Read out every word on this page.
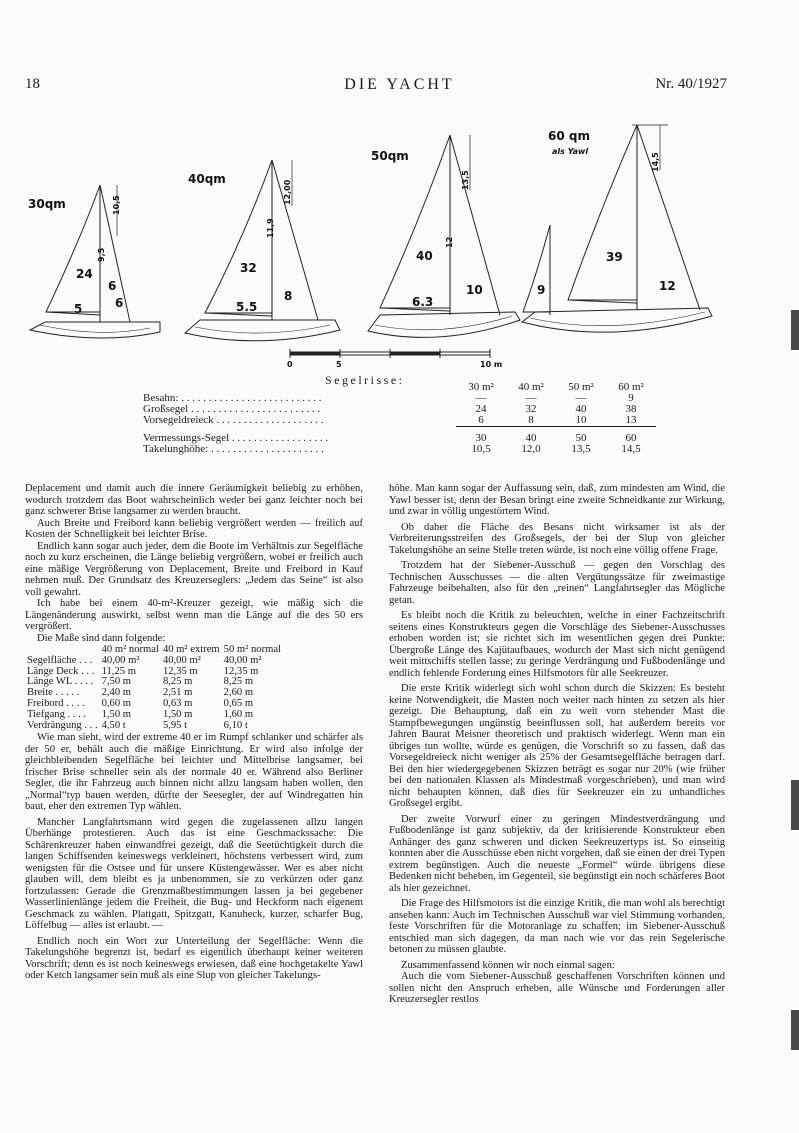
18	DIE YACHT	Nr. 40/1927
30qm	10,5
9,5
24
6
6
5
40qm
12,00
11,9
32
8
5.5
50qm
13,5
12
40
10
6.3
60 qm
als Yawl
14,5
39
12
9
0	5	10 m
Segelrisse:
		30 m²	40 m²	50 m²	60 m²
Besahn: . . . . . . . . . . . . . . . . . . . . . . . . . .	—	—	—	9
Großsegel . . . . . . . . . . . . . . . . . . . . . . . .	24	32	40	38
Vorsegeldreieck . . . . . . . . . . . . . . . . . . . .	6	8	10	13

Vermessungs-Segel . . . . . . . . . . . . . . . . . .	30	40	50	60
Takelunghöhe: . . . . . . . . . . . . . . . . . . . . .	10,5	12,0	13,5	14,5

Deplacement und damit auch die innere Geräumigkeit beliebig zu erhöhen, wodurch trotzdem das Boot wahrscheinlich weder bei ganz leichter noch bei ganz schwerer Brise langsamer zu werden braucht.

Auch Breite und Freibord kann beliebig vergrößert werden — freilich auf Kosten der Schnelligkeit bei leichter Brise.

Endlich kann sogar auch jeder, dem die Boote im Verhältnis zur Segelfläche noch zu kurz erscheinen, die Länge beliebig vergrößern, wobei er freilich auch eine mäßige Vergrößerung von Deplacement, Breite und Freibord in Kauf nehmen muß. Der Grundsatz des Kreuzerseglers: „Jedem das Seine“ ist also voll gewahrt.

Ich habe bei einem 40-m²-Kreuzer gezeigt, wie mäßig sich die Längenänderung auswirkt, selbst wenn man die Länge auf die des 50 ers vergrößert.

Die Maße sind dann folgende:

	40 m² normal	40 m² extrem	50 m² normal
Segelfläche . . .	40,00 m²	40,00 m²	40,00 m²
Länge Deck . . .	11,25 m	12,35 m	12,35 m
Länge WL . . . .	7,50 m	8,25 m	8,25 m
Breite . . . . .	2,40 m	2,51 m	2,60 m
Freibord . . . .	0,60 m	0,63 m	0,65 m
Tiefgang . . . .	1,50 m	1,50 m	1,60 m
Verdrängung . . .	4,50 t	5,95 t	6,10 t

Wie man sieht, wird der extreme 40 er im Rumpf schlanker und schärfer als der 50 er, behält auch die mäßige Einrichtung. Er wird also infolge der gleichbleibenden Segelfläche bei leichter und Mittelbrise langsamer, bei frischer Brise schneller sein als der normale 40 er. Während also Berliner Segler, die ihr Fahrzeug auch binnen nicht allzu langsam haben wollen, den „Normal“typ bauen werden, dürfte der Seesegler, der auf Windregatten hin baut, eher den extremen Typ wählen.

Mancher Langfahrtsmann wird gegen die zugelassenen allzu langen Überhänge protestieren. Auch das ist eine Geschmackssache: Die Schärenkreuzer haben einwandfrei gezeigt, daß die Seetüchtigkeit durch die langen Schiffsenden keineswegs verkleinert, höchstens verbessert wird, zum wenigsten für die Ostsee und für unsere Küstengewässer. Wer es aber nicht glauben will, dem bleibt es ja unbenommen, sie zu verkürzen oder ganz fortzulassen: Gerade die Grenzmaßbestimmungen lassen ja bei gegebener Wasserlinienlänge jedem die Freiheit, die Bug- und Heckform nach eigenem Geschmack zu wählen. Plattgatt, Spitzgatt, Kanuheck, kurzer, scharfer Bug, Löffelbug — alles ist erlaubt. —

Endlich noch ein Wort zur Unterteilung der Segelfläche: Wenn die Takelungshöhe begrenzt ist, bedarf es eigentlich überhaupt keiner weiteren Vorschrift; denn es ist noch keineswegs erwiesen, daß eine hochgetakelte Yawl oder Ketch langsamer sein muß als eine Slup von gleicher Takelungs-

höhe. Man kann sogar der Auffassung sein, daß, zum mindesten am Wind, die Yawl besser ist, denn der Besan bringt eine zweite Schneidkante zur Wirkung, und zwar in völlig ungestörtem Wind.

Ob daher die Fläche des Besans nicht wirksamer ist als der Verbreiterungsstreifen des Großsegels, der bei der Slup von gleicher Takelungshöhe an seine Stelle treten würde, ist noch eine völlig offene Frage.

Trotzdem hat der Siebener-Ausschuß — gegen den Vorschlag des Technischen Ausschusses — die alten Vergütungssätze für zweimastige Fahrzeuge beibehalten, also für den „reinen“ Langfahrtsegler das Mögliche getan.

Es bleibt noch die Kritik zu beleuchten, welche in einer Fachzeitschrift seitens eines Konstrukteurs gegen die Vorschläge des Siebener-Ausschusses erhoben worden ist; sie richtet sich im wesentlichen gegen drei Punkte: Übergroße Länge des Kajütaufbaues, wodurch der Mast sich nicht genügend weit mittschiffs stellen lasse; zu geringe Verdrängung und Fußbodenlänge und endlich fehlende Forderung eines Hilfsmotors für alle Seekreuzer.

Die erste Kritik widerlegt sich wohl schon durch die Skizzen: Es besteht keine Notwendigkeit, die Masten noch weiter nach hinten zu setzen als hier gezeigt. Die Behauptung, daß ein zu weit vorn stehender Mast die Stampfbewegungen ungünstig beeinflussen soll, hat außerdem bereits vor Jahren Baurat Meisner theoretisch und praktisch widerlegt. Wenn man ein übriges tun wollte, würde es genügen, die Vorschrift so zu fassen, daß das Vorsegeldreieck nicht weniger als 25% der Gesamtsegelfläche betragen darf. Bei den hier wiedergegebenen Skizzen beträgt es sogar nur 20% (wie früher bei den nationalen Klassen als Mindestmaß vorgeschrieben), und man wird nicht behaupten können, daß dies für Seekreuzer ein zu unhandliches Großsegel ergibt.

Der zweite Vorwurf einer zu geringen Mindestverdrängung und Fußbodenlänge ist ganz subjektiv, da der kritisierende Konstrukteur eben Anhänger des ganz schweren und dicken Seekreuzertyps ist. So einseitig konnten aber die Ausschüsse eben nicht vorgehen, daß sie einen der drei Typen extrem begünstigen. Auch die neueste „Formel“ würde übrigens diese Bedenken nicht beheben, im Gegenteil, sie begünstigt ein noch schärferes Boot als hier gezeichnet.

Die Frage des Hilfsmotors ist die einzige Kritik, die man wohl als berechtigt ansehen kann: Auch im Technischen Ausschuß war viel Stimmung vorhanden, feste Vorschriften für die Motoranlage zu schaffen; im Siebener-Ausschuß entschied man sich dagegen, da man nach wie vor das rein Segelerische betonen zu müssen glaubte.

Zusammenfassend können wir noch einmal sagen:

Auch die vom Siebener-Ausschuß geschaffenen Vorschriften können und sollen nicht den Anspruch erheben, alle Wünsche und Forderungen aller Kreuzersegler restlos
